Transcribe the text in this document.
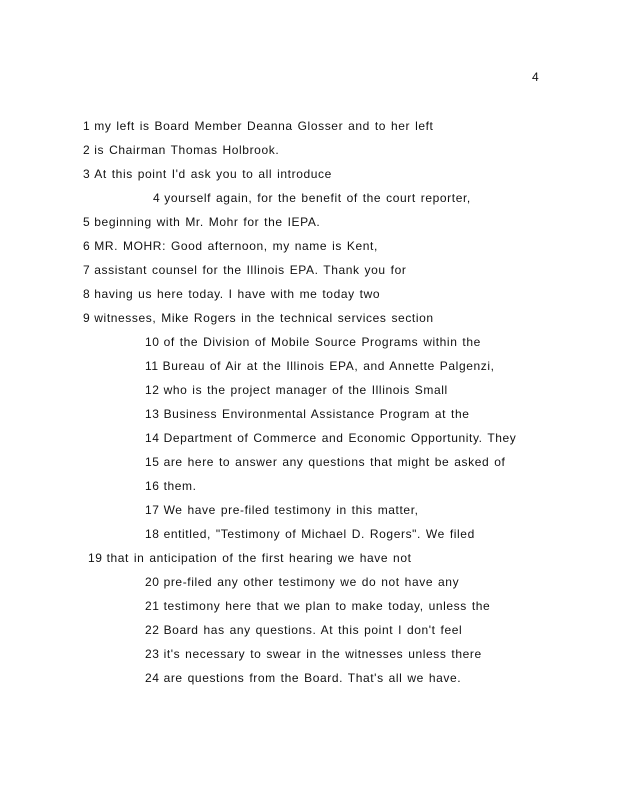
4
1 my left is Board Member Deanna Glosser and to her left
2 is Chairman Thomas Holbrook.
3 At this point I'd ask you to all introduce
4 yourself again, for the benefit of the court reporter,
5 beginning with Mr. Mohr for the IEPA.
6 MR. MOHR: Good afternoon, my name is Kent,
7 assistant counsel for the Illinois EPA. Thank you for
8 having us here today. I have with me today two
9 witnesses, Mike Rogers in the technical services section
10 of the Division of Mobile Source Programs within the
11 Bureau of Air at the Illinois EPA, and Annette Palgenzi,
12 who is the project manager of the Illinois Small
13 Business Environmental Assistance Program at the
14 Department of Commerce and Economic Opportunity. They
15 are here to answer any questions that might be asked of
16 them.
17 We have pre-filed testimony in this matter,
18 entitled, "Testimony of Michael D. Rogers". We filed
19 that in anticipation of the first hearing we have not
20 pre-filed any other testimony we do not have any
21 testimony here that we plan to make today, unless the
22 Board has any questions. At this point I don't feel
23 it's necessary to swear in the witnesses unless there
24 are questions from the Board. That's all we have.
